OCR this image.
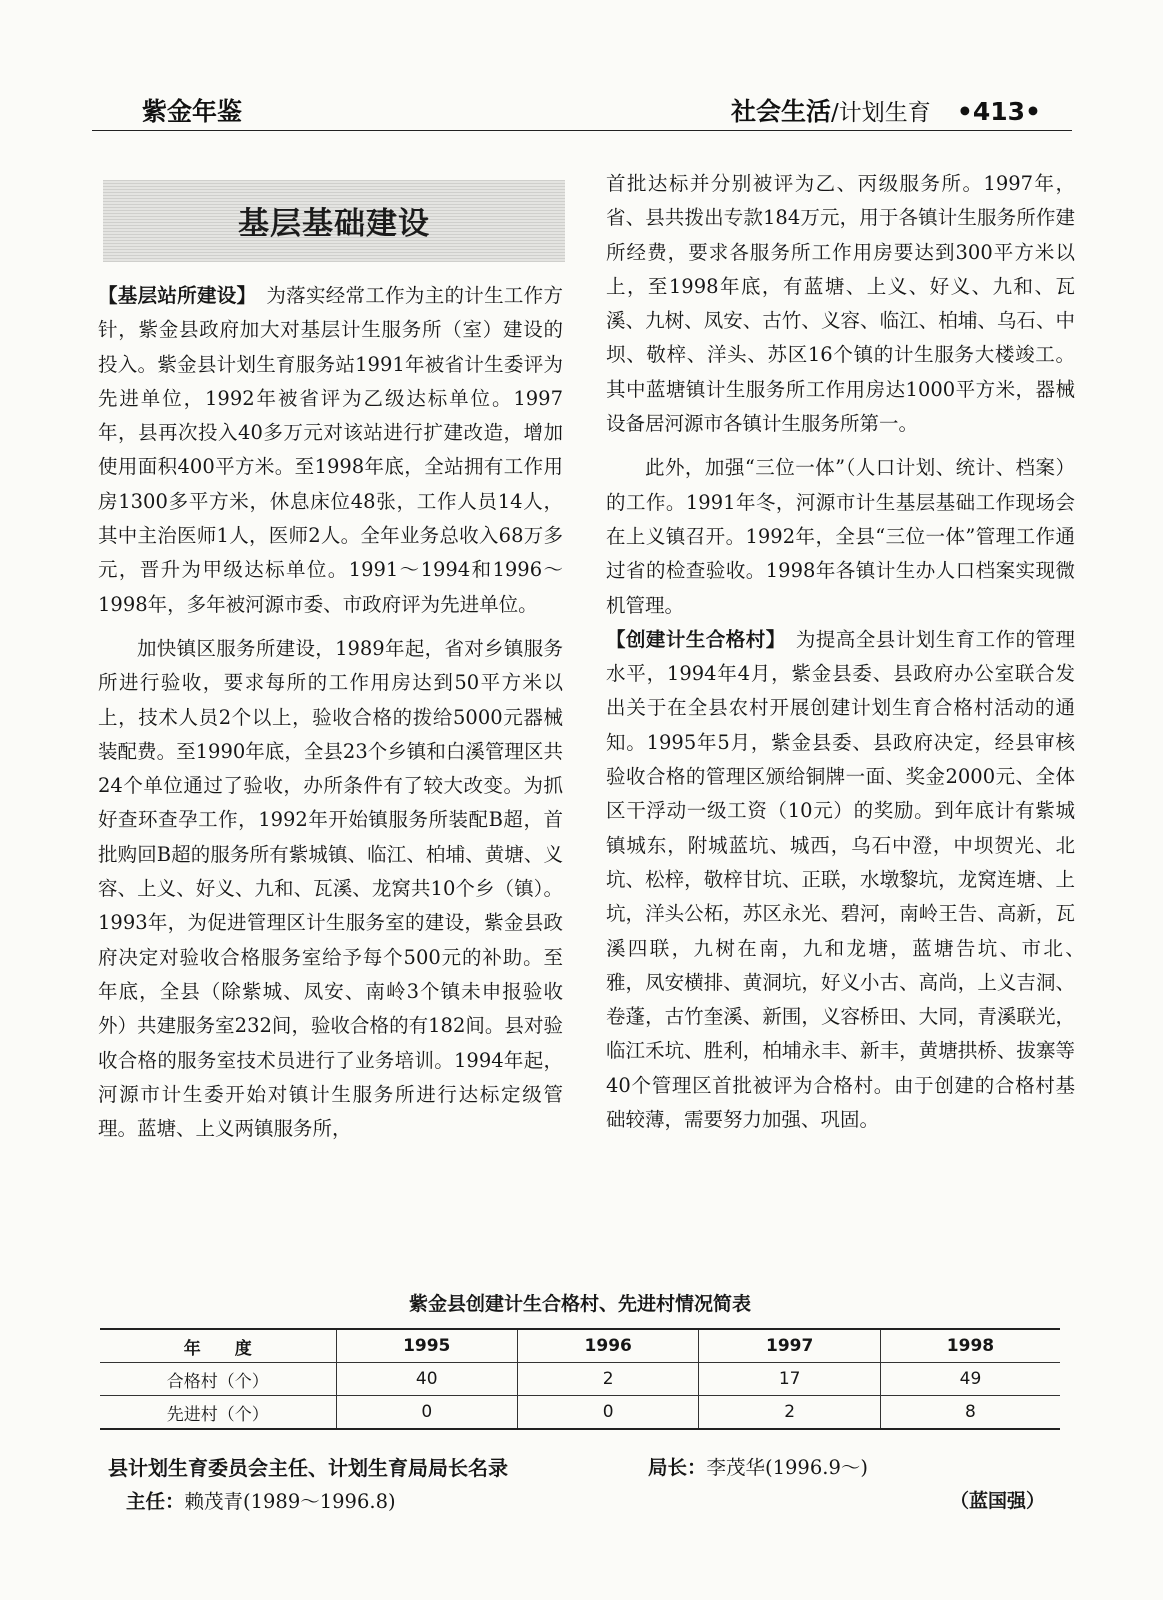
紫金年鉴	社会生活/计划生育 •413•
基层基础建设

【基层站所建设】　为落实经常工作为主的计生工作方针，紫金县政府加大对基层计生服务所（室）建设的投入。紫金县计划生育服务站1991年被省计生委评为先进单位，1992年被省评为乙级达标单位。1997年，县再次投入40多万元对该站进行扩建改造，增加使用面积400平方米。至1998年底，全站拥有工作用房1300多平方米，休息床位48张，工作人员14人，其中主治医师1人，医师2人。全年业务总收入68万多元，晋升为甲级达标单位。1991～1994和1996～1998年，多年被河源市委、市政府评为先进单位。

加快镇区服务所建设，1989年起，省对乡镇服务所进行验收，要求每所的工作用房达到50平方米以上，技术人员2个以上，验收合格的拨给5000元器械装配费。至1990年底，全县23个乡镇和白溪管理区共24个单位通过了验收，办所条件有了较大改变。为抓好查环查孕工作，1992年开始镇服务所装配B超，首批购回B超的服务所有紫城镇、临江、柏埔、黄塘、义容、上义、好义、九和、瓦溪、龙窝共10个乡（镇）。1993年，为促进管理区计生服务室的建设，紫金县政府决定对验收合格服务室给予每个500元的补助。至年底，全县（除紫城、凤安、南岭3个镇未申报验收外）共建服务室232间，验收合格的有182间。县对验收合格的服务室技术员进行了业务培训。1994年起，河源市计生委开始对镇计生服务所进行达标定级管理。蓝塘、上义两镇服务所，

首批达标并分别被评为乙、丙级服务所。1997年，省、县共拨出专款184万元，用于各镇计生服务所作建所经费，要求各服务所工作用房要达到300平方米以上，至1998年底，有蓝塘、上义、好义、九和、瓦溪、九树、凤安、古竹、义容、临江、柏埔、乌石、中坝、敬梓、洋头、苏区16个镇的计生服务大楼竣工。其中蓝塘镇计生服务所工作用房达1000平方米，器械设备居河源市各镇计生服务所第一。

此外，加强“三位一体”（人口计划、统计、档案）的工作。1991年冬，河源市计生基层基础工作现场会在上义镇召开。1992年，全县“三位一体”管理工作通过省的检查验收。1998年各镇计生办人口档案实现微机管理。

【创建计生合格村】　为提高全县计划生育工作的管理水平，1994年4月，紫金县委、县政府办公室联合发出关于在全县农村开展创建计划生育合格村活动的通知。1995年5月，紫金县委、县政府决定，经县审核验收合格的管理区颁给铜牌一面、奖金2000元、全体区干浮动一级工资（10元）的奖励。到年底计有紫城镇城东，附城蓝坑、城西，乌石中澄，中坝贺光、北坑、松梓，敬梓甘坑、正联，水墩黎坑，龙窝连塘、上坑，洋头公柘，苏区永光、碧河，南岭王告、高新，瓦溪四联，九树在南，九和龙塘，蓝塘告坑、市北、　雅，凤安横排、黄洞坑，好义小古、高尚，上义吉洞、卷蓬，古竹奎溪、新围，义容桥田、大同，青溪联光，临江禾坑、胜利，柏埔永丰、新丰，黄塘拱桥、拔寨等40个管理区首批被评为合格村。由于创建的合格村基础较薄，需要努力加强、巩固。

紫金县创建计生合格村、先进村情况简表
年　　度	1995	1996	1997	1998
合格村（个）	40	2	17	49
先进村（个）	0	0	2	8
县计划生育委员会主任、计划生育局局长名录	局长：李茂华(1996.9～)
主任：赖茂青(1989～1996.8)	（蓝国强）
